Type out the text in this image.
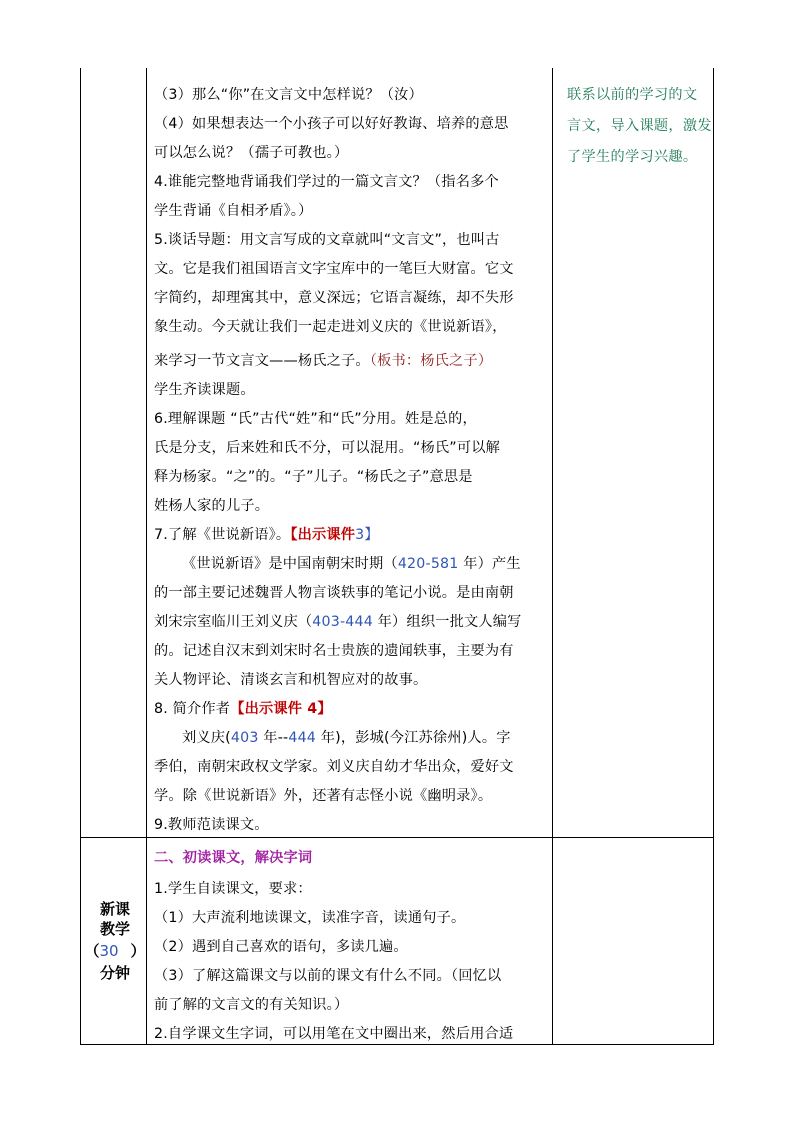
（3）那么“你”在文言文中怎样说？（汝）
（4）如果想表达一个小孩子可以好好教诲、培养的意思
可以怎么说？（孺子可教也。）
4.谁能完整地背诵我们学过的一篇文言文？（指名多个
学生背诵《自相矛盾》。）
5.谈话导题：用文言写成的文章就叫“文言文”，也叫古
文。它是我们祖国语言文字宝库中的一笔巨大财富。它文
字简约，却理寓其中，意义深远；它语言凝练，却不失形
象生动。今天就让我们一起走进刘义庆的《世说新语》，
来学习一节文言文——杨氏之子。（板书：杨氏之子）
学生齐读课题。
6.理解课题 “氏”古代“姓”和“氏”分用。姓是总的，
氏是分支，后来姓和氏不分，可以混用。“杨氏”可以解
释为杨家。“之”的。“子”儿子。“杨氏之子”意思是
姓杨人家的儿子。
7.了解《世说新语》。【出示课件3】
《世说新语》是中国南朝宋时期（420-581 年）产生
的一部主要记述魏晋人物言谈轶事的笔记小说。是由南朝
刘宋宗室临川王刘义庆（403-444 年）组织一批文人编写
的。记述自汉末到刘宋时名士贵族的遗闻轶事，主要为有
关人物评论、清谈玄言和机智应对的故事。
8. 简介作者【出示课件 4】
刘义庆(403 年--444 年)，彭城(今江苏徐州)人。字
季伯，南朝宋政权文学家。刘义庆自幼才华出众，爱好文
学。除《世说新语》外，还著有志怪小说《幽明录》。
9.教师范读课文。
二、初读课文，解决字词
1.学生自读课文，要求：
（1）大声流利地读课文，读准字音，读通句子。
（2）遇到自己喜欢的语句，多读几遍。
（3）了解这篇课文与以前的课文有什么不同。（回忆以
前了解的文言文的有关知识。）
2.自学课文生字词，可以用笔在文中圈出来，然后用合适
联系以前的学习的文
言文，导入课题，激发
了学生的学习兴趣。
新课
教学
（30 ）
分钟
